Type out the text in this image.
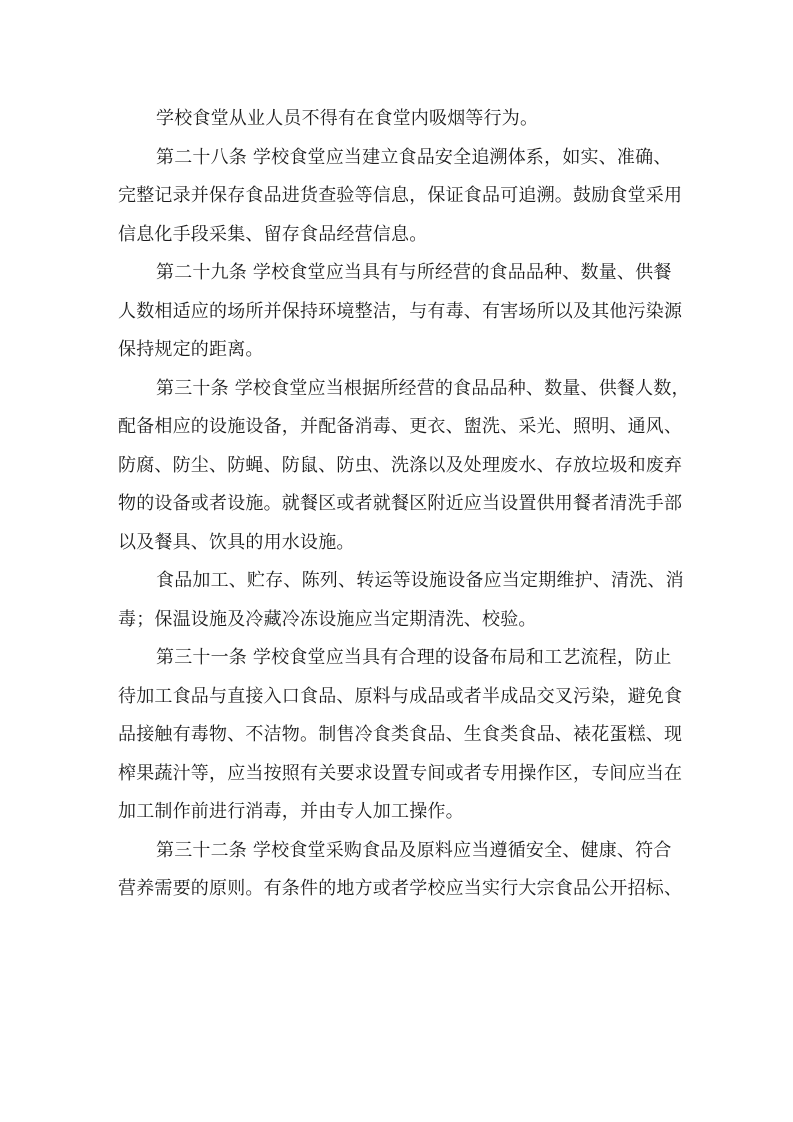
学校食堂从业人员不得有在食堂内吸烟等行为。
第二十八条 学校食堂应当建立食品安全追溯体系，如实、准确、
完整记录并保存食品进货查验等信息，保证食品可追溯。鼓励食堂采用
信息化手段采集、留存食品经营信息。
第二十九条 学校食堂应当具有与所经营的食品品种、数量、供餐
人数相适应的场所并保持环境整洁，与有毒、有害场所以及其他污染源
保持规定的距离。
第三十条 学校食堂应当根据所经营的食品品种、数量、供餐人数，
配备相应的设施设备，并配备消毒、更衣、盥洗、采光、照明、通风、
防腐、防尘、防蝇、防鼠、防虫、洗涤以及处理废水、存放垃圾和废弃
物的设备或者设施。就餐区或者就餐区附近应当设置供用餐者清洗手部
以及餐具、饮具的用水设施。
食品加工、贮存、陈列、转运等设施设备应当定期维护、清洗、消
毒；保温设施及冷藏冷冻设施应当定期清洗、校验。
第三十一条 学校食堂应当具有合理的设备布局和工艺流程，防止
待加工食品与直接入口食品、原料与成品或者半成品交叉污染，避免食
品接触有毒物、不洁物。制售冷食类食品、生食类食品、裱花蛋糕、现
榨果蔬汁等，应当按照有关要求设置专间或者专用操作区，专间应当在
加工制作前进行消毒，并由专人加工操作。
第三十二条 学校食堂采购食品及原料应当遵循安全、健康、符合
营养需要的原则。有条件的地方或者学校应当实行大宗食品公开招标、
